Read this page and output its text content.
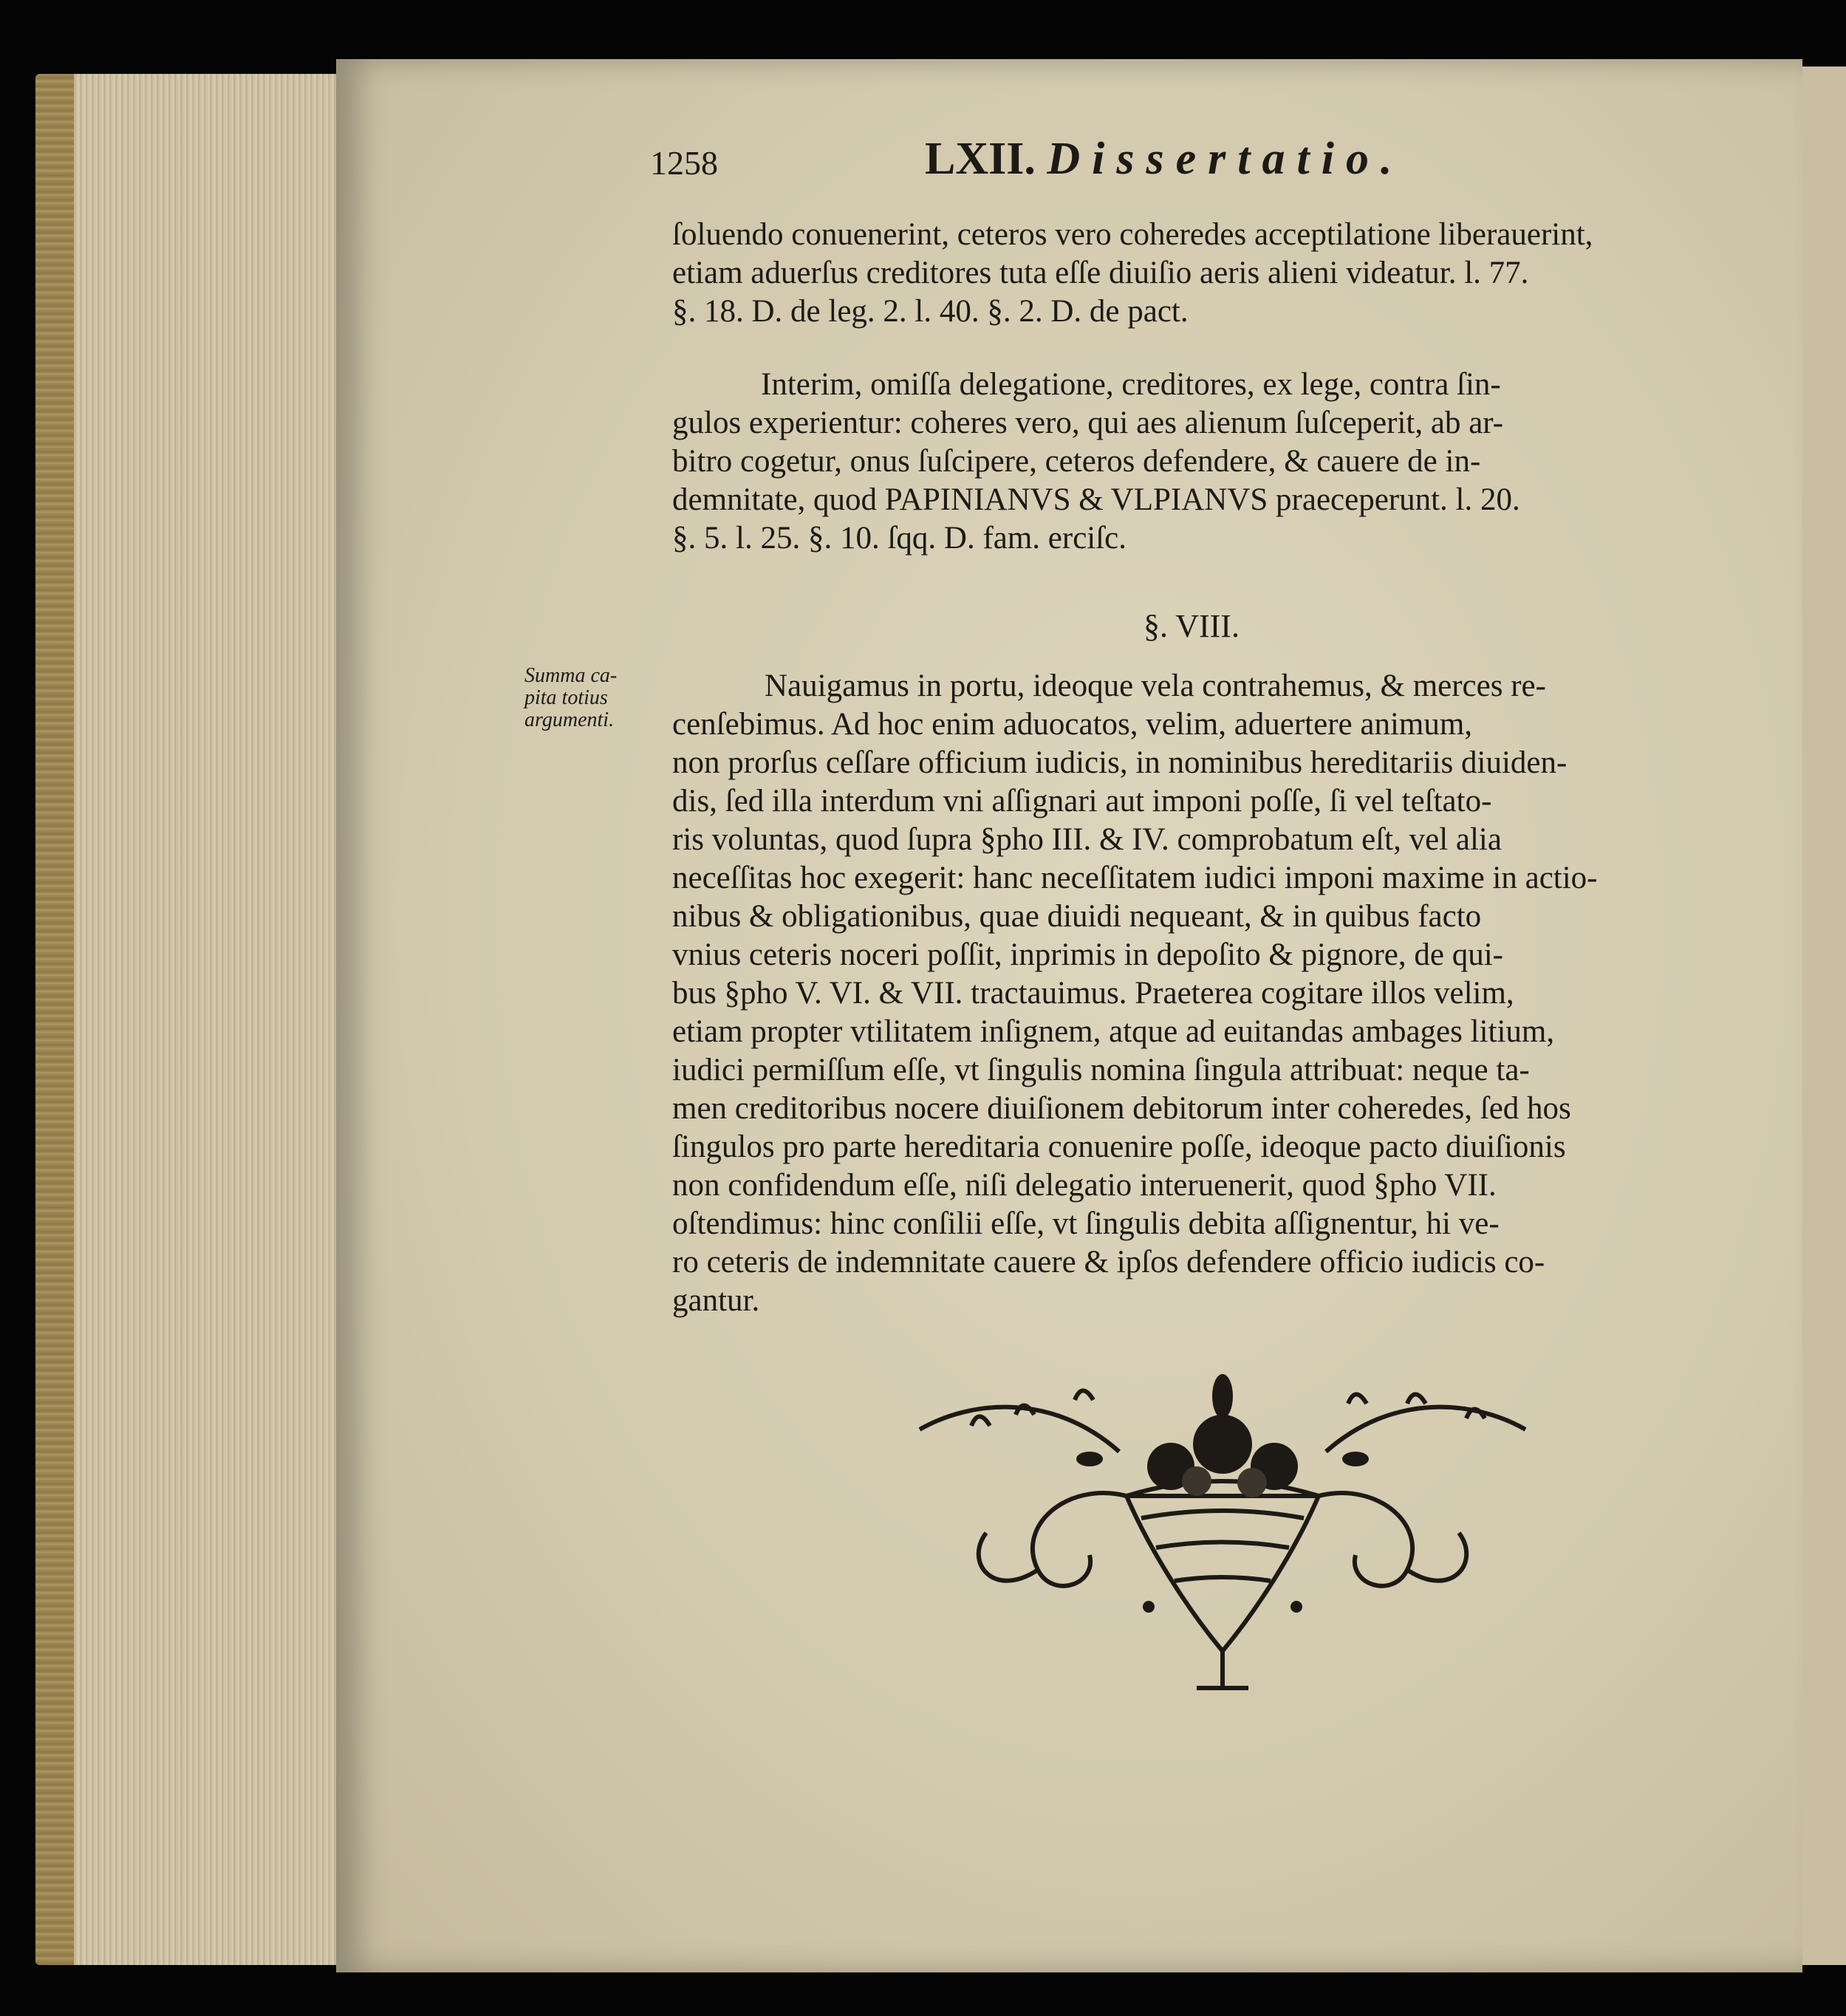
1258	LXII. Dissertatio.
ſoluendo conuenerint, ceteros vero coheredes acceptilatione liberauerint,
etiam aduerſus creditores tuta eſſe diuiſio aeris alieni videatur. l. 77.
§. 18. D. de leg. 2. l. 40. §. 2. D. de pact.
Interim, omiſſa delegatione, creditores, ex lege, contra ſin-
gulos experientur: coheres vero, qui aes alienum ſuſceperit, ab ar-
bitro cogetur, onus ſuſcipere, ceteros defendere, & cauere de in-
demnitate, quod PAPINIANVS & VLPIANVS praeceperunt. l. 20.
§. 5. l. 25. §. 10. ſqq. D. fam. erciſc.
§. VIII.
Summa ca-
pita totius
argumenti.
Nauigamus in portu, ideoque vela contrahemus, & merces re-
cenſebimus. Ad hoc enim aduocatos, velim, aduertere animum,
non prorſus ceſſare officium iudicis, in nominibus hereditariis diuiden-
dis, ſed illa interdum vni aſſignari aut imponi poſſe, ſi vel teſtato-
ris voluntas, quod ſupra §pho III. & IV. comprobatum eſt, vel alia
neceſſitas hoc exegerit: hanc neceſſitatem iudici imponi maxime in actio-
nibus & obligationibus, quae diuidi nequeant, & in quibus facto
vnius ceteris noceri poſſit, inprimis in depoſito & pignore, de qui-
bus §pho V. VI. & VII. tractauimus. Praeterea cogitare illos velim,
etiam propter vtilitatem inſignem, atque ad euitandas ambages litium,
iudici permiſſum eſſe, vt ſingulis nomina ſingula attribuat: neque ta-
men creditoribus nocere diuiſionem debitorum inter coheredes, ſed hos
ſingulos pro parte hereditaria conuenire poſſe, ideoque pacto diuiſionis
non confidendum eſſe, niſi delegatio interuenerit, quod §pho VII.
oſtendimus: hinc conſilii eſſe, vt ſingulis debita aſſignentur, hi ve-
ro ceteris de indemnitate cauere & ipſos defendere officio iudicis co-
gantur.
